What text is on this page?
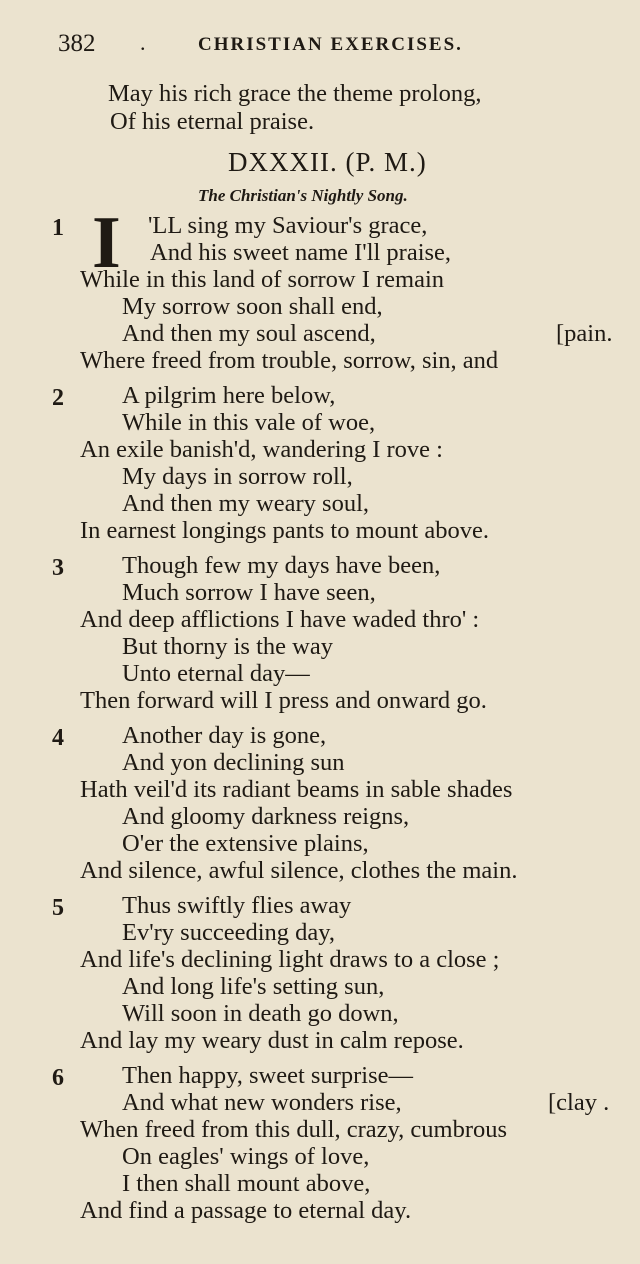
382 .	CHRISTIAN EXERCISES.
May his rich grace the theme prolong,
Of his eternal praise.
DXXXII. (P. M.)
The Christian's Nightly Song.
1 I 'LL sing my Saviour's grace,
And his sweet name I'll praise,
While in this land of sorrow I remain
My sorrow soon shall end,
And then my soul ascend,	[pain.
Where freed from trouble, sorrow, sin, and
2 A pilgrim here below,
While in this vale of woe,
An exile banish'd, wandering I rove :
My days in sorrow roll,
And then my weary soul,
In earnest longings pants to mount above.
3 Though few my days have been,
Much sorrow I have seen,
And deep afflictions I have waded thro' :
But thorny is the way
Unto eternal day—
Then forward will I press and onward go.
4 Another day is gone,
And yon declining sun
Hath veil'd its radiant beams in sable shades
And gloomy darkness reigns,
O'er the extensive plains,
And silence, awful silence, clothes the main.
5 Thus swiftly flies away
Ev'ry succeeding day,
And life's declining light draws to a close ;
And long life's setting sun,
Will soon in death go down,
And lay my weary dust in calm repose.
6 Then happy, sweet surprise—
And what new wonders rise,	[clay .
When freed from this dull, crazy, cumbrous
On eagles' wings of love,
I then shall mount above,
And find a passage to eternal day.
